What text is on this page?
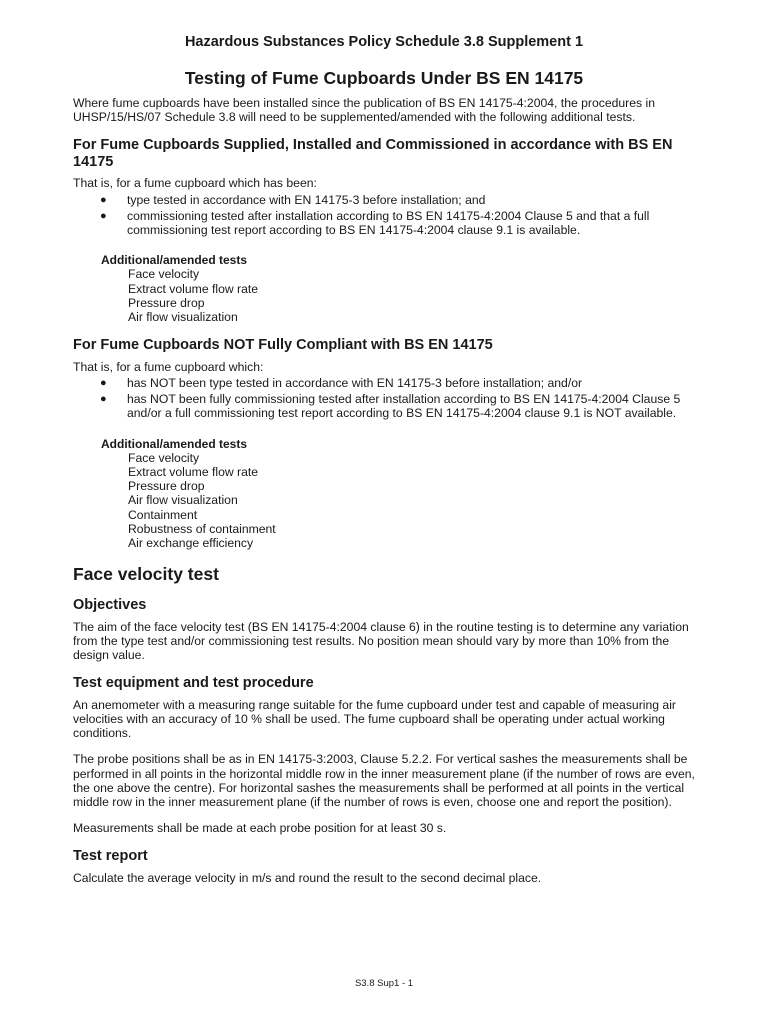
Hazardous Substances Policy Schedule 3.8 Supplement 1
Testing of Fume Cupboards Under BS EN 14175

Where fume cupboards have been installed since the publication of BS EN 14175-4:2004, the procedures in UHSP/15/HS/07 Schedule 3.8 will need to be supplemented/amended with the following additional tests.

For Fume Cupboards Supplied, Installed and Commissioned in accordance with BS EN 14175

That is, for a fume cupboard which has been:

● type tested in accordance with EN 14175-3 before installation; and
● commissioning tested after installation according to BS EN 14175-4:2004 Clause 5 and that a full commissioning test report according to BS EN 14175-4:2004 clause 9.1 is available.
Additional/amended tests
Face velocity
Extract volume flow rate
Pressure drop
Air flow visualization
For Fume Cupboards NOT Fully Compliant with BS EN 14175

That is, for a fume cupboard which:

● has NOT been type tested in accordance with EN 14175-3 before installation; and/or
● has NOT been fully commissioning tested after installation according to BS EN 14175-4:2004 Clause 5 and/or a full commissioning test report according to BS EN 14175-4:2004 clause 9.1 is NOT available.
Additional/amended tests
Face velocity
Extract volume flow rate
Pressure drop
Air flow visualization
Containment
Robustness of containment
Air exchange efficiency
Face velocity test
Objectives

The aim of the face velocity test (BS EN 14175-4:2004 clause 6) in the routine testing is to determine any variation from the type test and/or commissioning test results. No position mean should vary by more than 10% from the design value.

Test equipment and test procedure

An anemometer with a measuring range suitable for the fume cupboard under test and capable of measuring air velocities with an accuracy of 10 % shall be used. The fume cupboard shall be operating under actual working conditions.

The probe positions shall be as in EN 14175-3:2003, Clause 5.2.2. For vertical sashes the measurements shall be performed in all points in the horizontal middle row in the inner measurement plane (if the number of rows are even, the one above the centre). For horizontal sashes the measurements shall be performed at all points in the vertical middle row in the inner measurement plane (if the number of rows is even, choose one and report the position).

Measurements shall be made at each probe position for at least 30 s.

Test report

Calculate the average velocity in m/s and round the result to the second decimal place.

S3.8 Sup1 - 1
